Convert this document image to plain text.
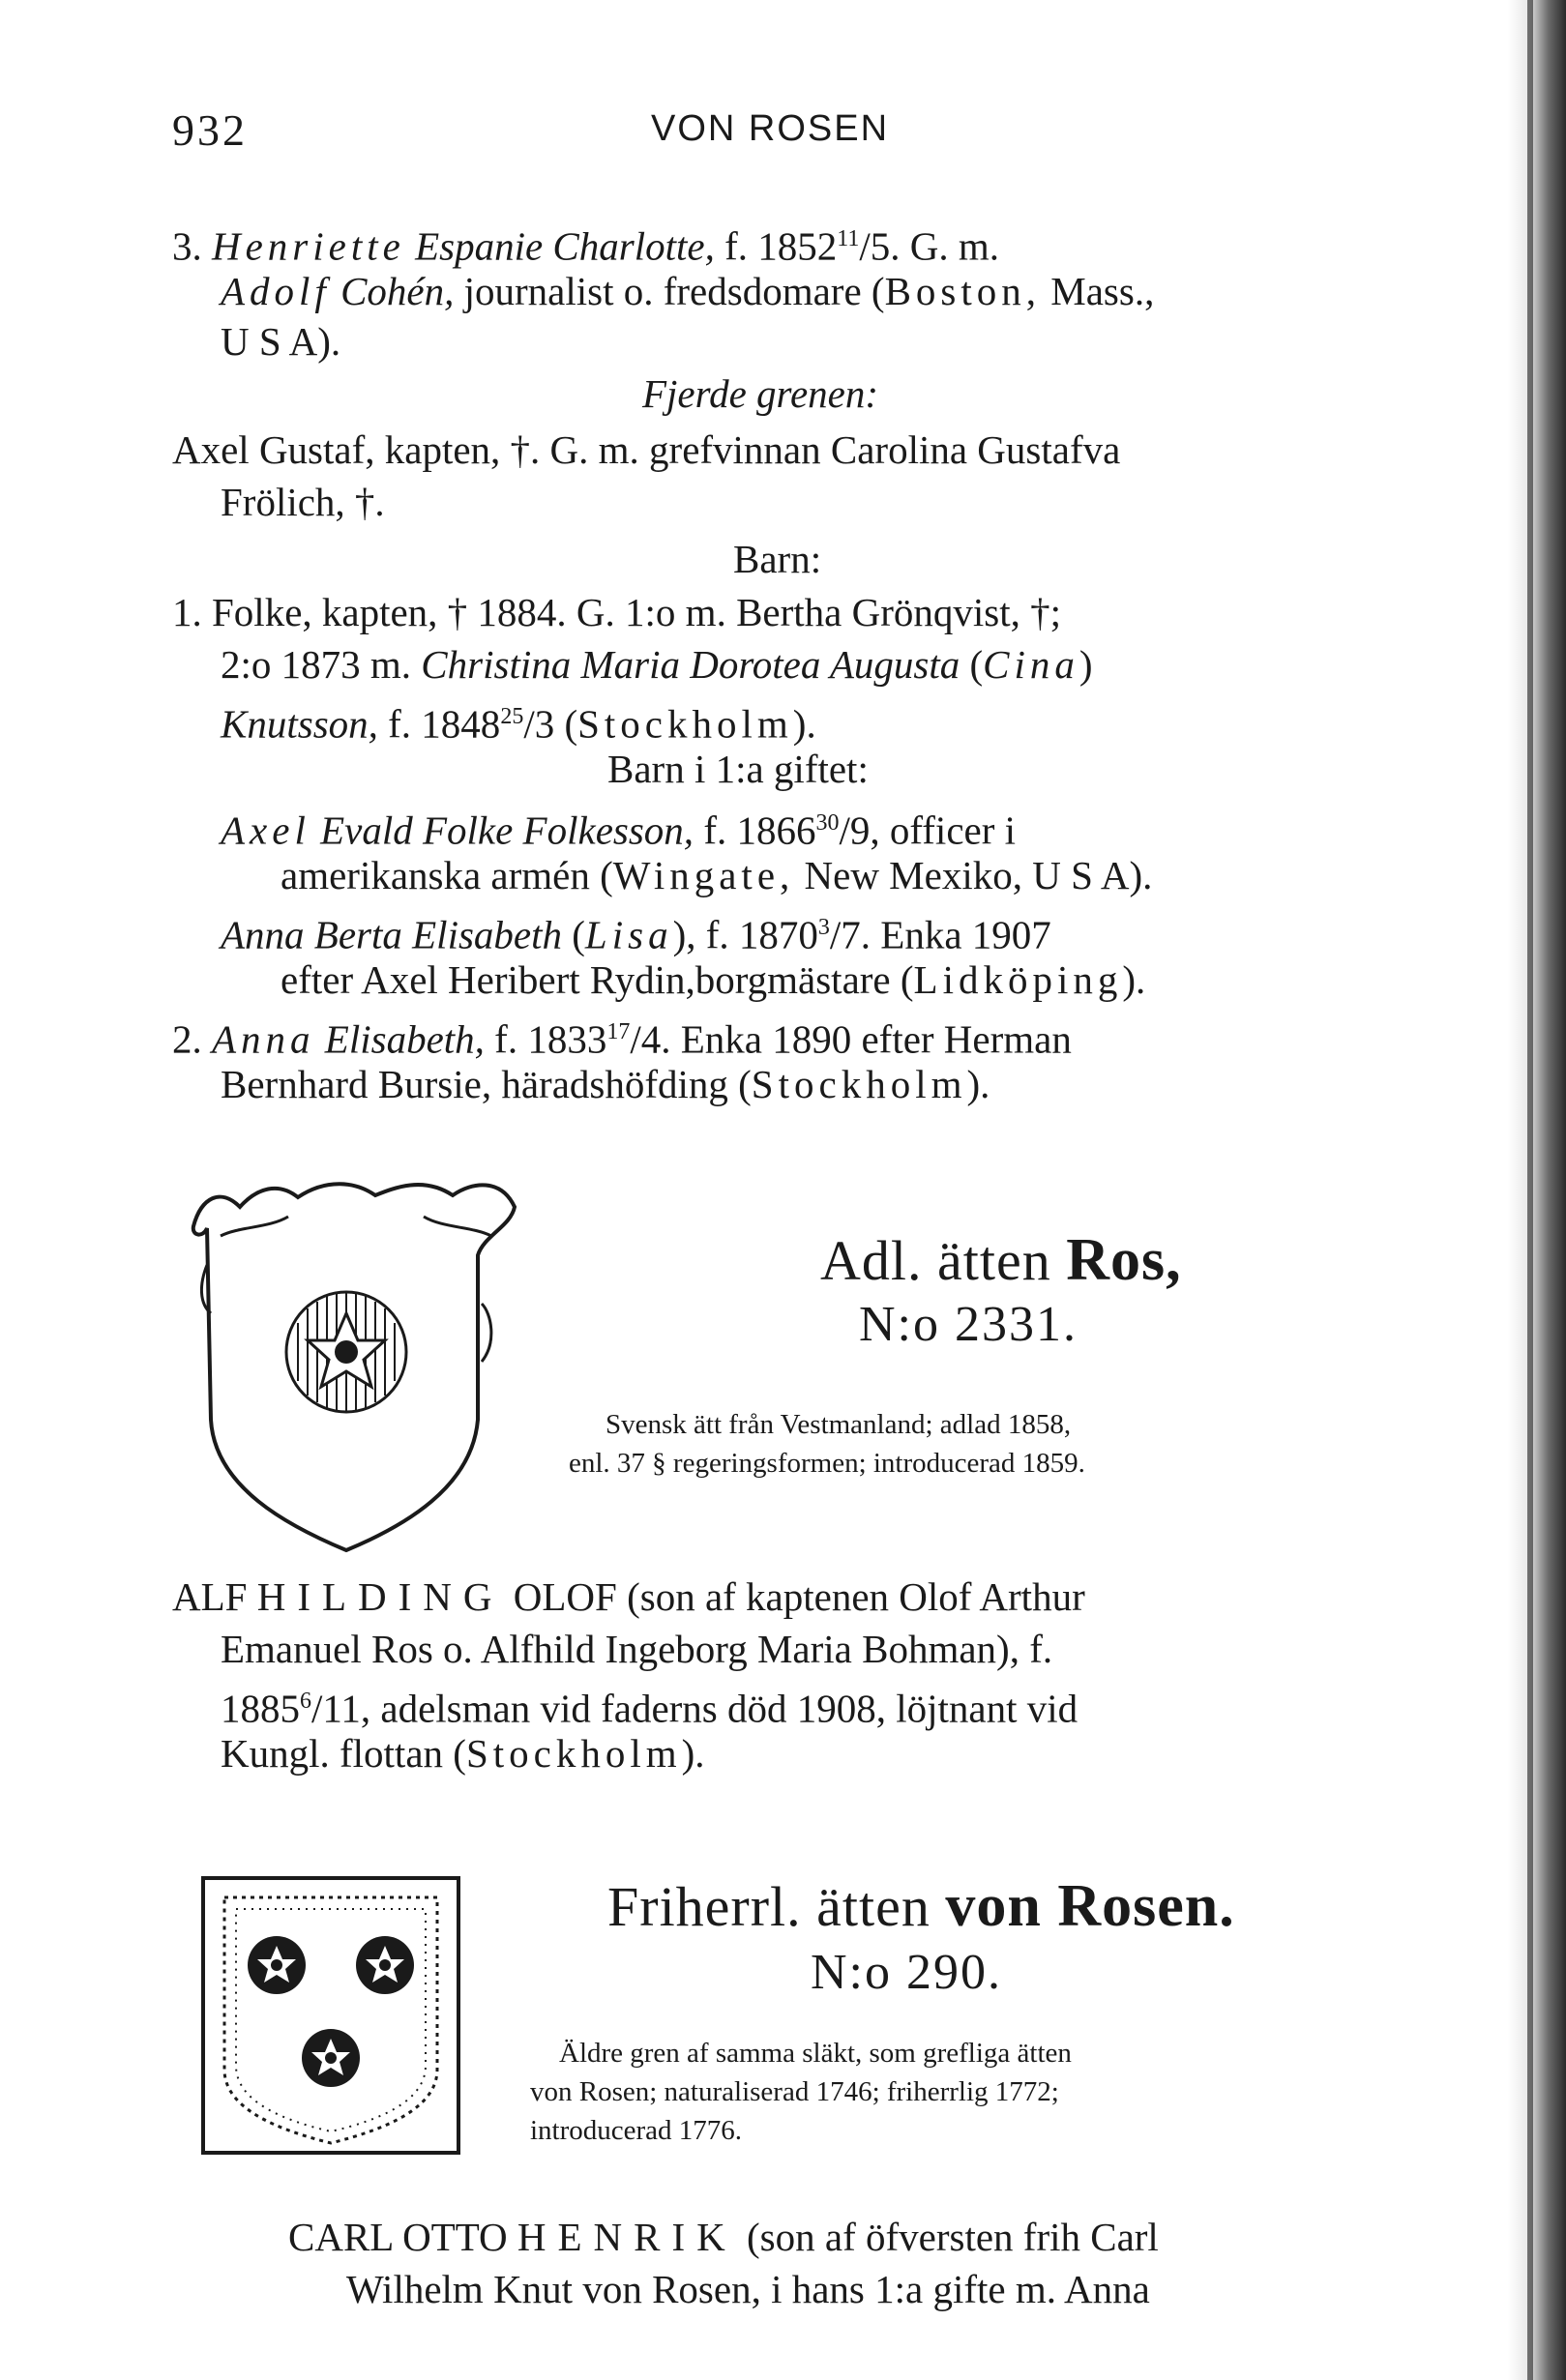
932	VON ROSEN
3. Henriette Espanie Charlotte, f. 1852$^{11}$/5. G. m.
Adolf Cohén, journalist o. fredsdomare (Boston, Mass.,
U S A).
Fjerde grenen:
Axel Gustaf, kapten, †. G. m. grefvinnan Carolina Gustafva
Frölich, †.
Barn:
1. Folke, kapten, † 1884. G. 1:o m. Bertha Grönqvist, †;
2:o 1873 m. Christina Maria Dorotea Augusta (Cina)
Knutsson, f. 1848$^{25}$/3 (Stockholm).
Barn i 1:a giftet:
Axel Evald Folke Folkesson, f. 1866$^{30}$/9, officer i
amerikanska armén (Wingate, New Mexiko, U S A).
Anna Berta Elisabeth (Lisa), f. 1870$^3$/7. Enka 1907
efter Axel Heribert Rydin,borgmästare (Lidköping).
2. Anna Elisabeth, f. 1833$^{17}$/4. Enka 1890 efter Herman
Bernhard Bursie, häradshöfding (Stockholm).
Adl. ätten Ros,
N:o 2331.
Svensk ätt från Vestmanland; adlad 1858,
enl. 37 § regeringsformen; introducerad 1859.
ALF HILDING OLOF (son af kaptenen Olof Arthur
Emanuel Ros o. Alfhild Ingeborg Maria Bohman), f.
1885$^6$/11, adelsman vid faderns död 1908, löjtnant vid
Kungl. flottan (Stockholm).
Friherrl. ätten von Rosen.
N:o 290.
Äldre gren af samma släkt, som grefliga ätten
von Rosen; naturaliserad 1746; friherrlig 1772;
introducerad 1776.
CARL OTTO HENRIK (son af öfversten frih Carl
Wilhelm Knut von Rosen, i hans 1:a gifte m. Anna
